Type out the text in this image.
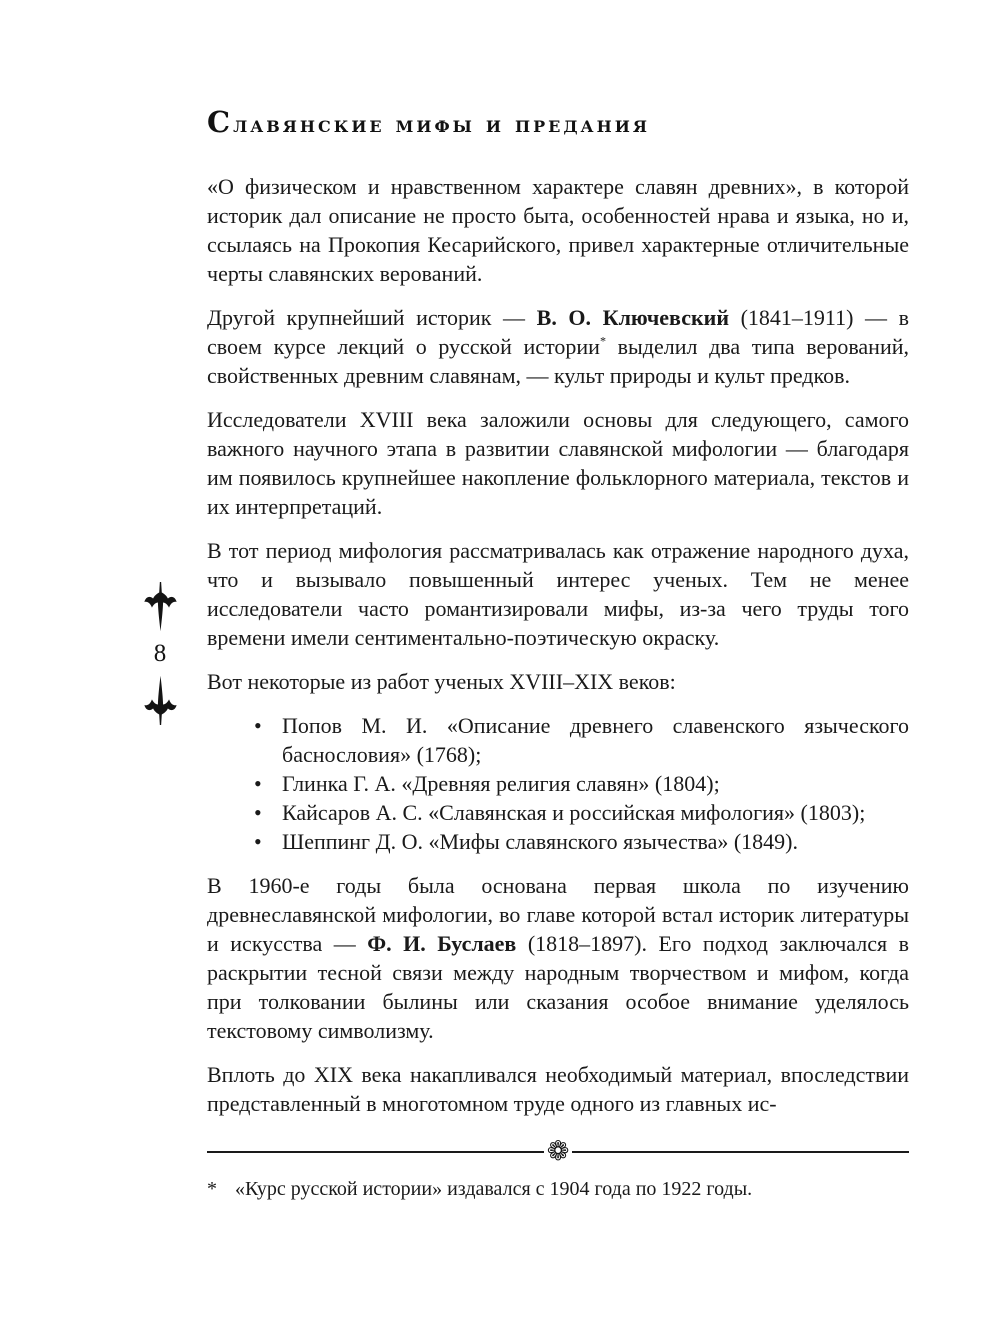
8
Славянские мифы и предания

«О физическом и нравственном характере славян древних», в которой историк дал описание не просто быта, особенностей нрава и языка, но и, ссылаясь на Прокопия Кесарийского, привел характерные отличительные черты славянских верований.

Другой крупнейший историк — В. О. Ключевский (1841–1911) — в своем курсе лекций о русской истории* выделил два типа верований, свойственных древним славянам, — культ природы и культ предков.

Исследователи XVIII века заложили основы для следующего, самого важного научного этапа в развитии славянской мифологии — благодаря им появилось крупнейшее накопление фольклорного материала, текстов и их интерпретаций.

В тот период мифология рассматривалась как отражение народного духа, что и вызывало повышенный интерес ученых. Тем не менее исследователи часто романтизировали мифы, из-за чего труды того времени имели сентиментально-поэтическую окраску.

Вот некоторые из работ ученых XVIII–XIX веков:

• Попов М. И. «Описание древнего славенского языческого баснословия» (1768);
• Глинка Г. А. «Древняя религия славян» (1804);
• Кайсаров А. С. «Славянская и российская мифология» (1803);
• Шеппинг Д. О. «Мифы славянского язычества» (1849).

В 1960-е годы была основана первая школа по изучению древнеславянской мифологии, во главе которой встал историк литературы и искусства — Ф. И. Буслаев (1818–1897). Его подход заключался в раскрытии тесной связи между народным творчеством и мифом, когда при толковании былины или сказания особое внимание уделялось текстовому символизму.

Вплоть до XIX века накапливался необходимый материал, впоследствии представленный в многотомном труде одного из главных ис-

❁

* «Курс русской истории» издавался с 1904 года по 1922 годы.
